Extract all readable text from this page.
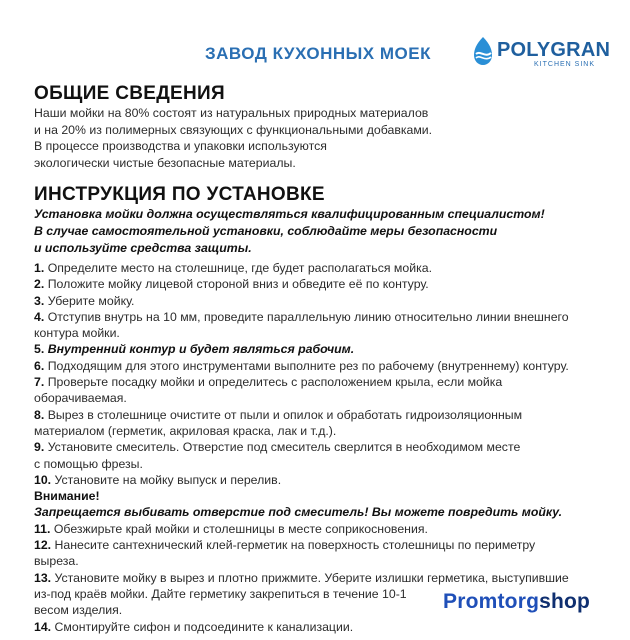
ЗАВОД КУХОННЫХ МОЕК	POLYGRAN
KITCHEN SINK
ОБЩИЕ СВЕДЕНИЯ
Наши мойки на 80% состоят из натуральных природных материалов
и на 20% из полимерных связующих с функциональными добавками.
В процессе производства и упаковки используются
экологически чистые безопасные материалы.
ИНСТРУКЦИЯ ПО УСТАНОВКЕ
Установка мойки должна осуществляться квалифицированным специалистом!
В случае самостоятельной установки, соблюдайте меры безопасности
и используйте средства защиты.
1. Определите место на столешнице, где будет располагаться мойка.
2. Положите мойку лицевой стороной вниз и обведите её по контуру.
3. Уберите мойку.
4. Отступив внутрь на 10 мм, проведите параллельную линию относительно линии внешнего
контура мойки.
5. Внутренний контур и будет являться рабочим.
6. Подходящим для этого инструментами выполните рез по рабочему (внутреннему) контуру.
7. Проверьте посадку мойки и определитесь с расположением крыла, если мойка
оборачиваемая.
8. Вырез в столешнице очистите от пыли и опилок и обработать гидроизоляционным
материалом (герметик, акриловая краска, лак и т.д.).
9. Установите смеситель. Отверстие под смеситель сверлится в необходимом месте
с помощью фрезы.
10. Установите на мойку выпуск и перелив.
Внимание!
Запрещается выбивать отверстие под смеситель! Вы можете повредить мойку.
11. Обезжирьте край мойки и столешницы в месте соприкосновения.
12. Нанесите сантехнический клей-герметик на поверхность столешницы по периметру
выреза.
13. Установите мойку в вырез и плотно прижмите. Уберите излишки герметика, выступившие
из-под краёв мойки. Дайте герметику закрепиться в течение 10-1
весом изделия.
14. Смонтируйте сифон и подсоедините к канализации.
Promtorgshop
